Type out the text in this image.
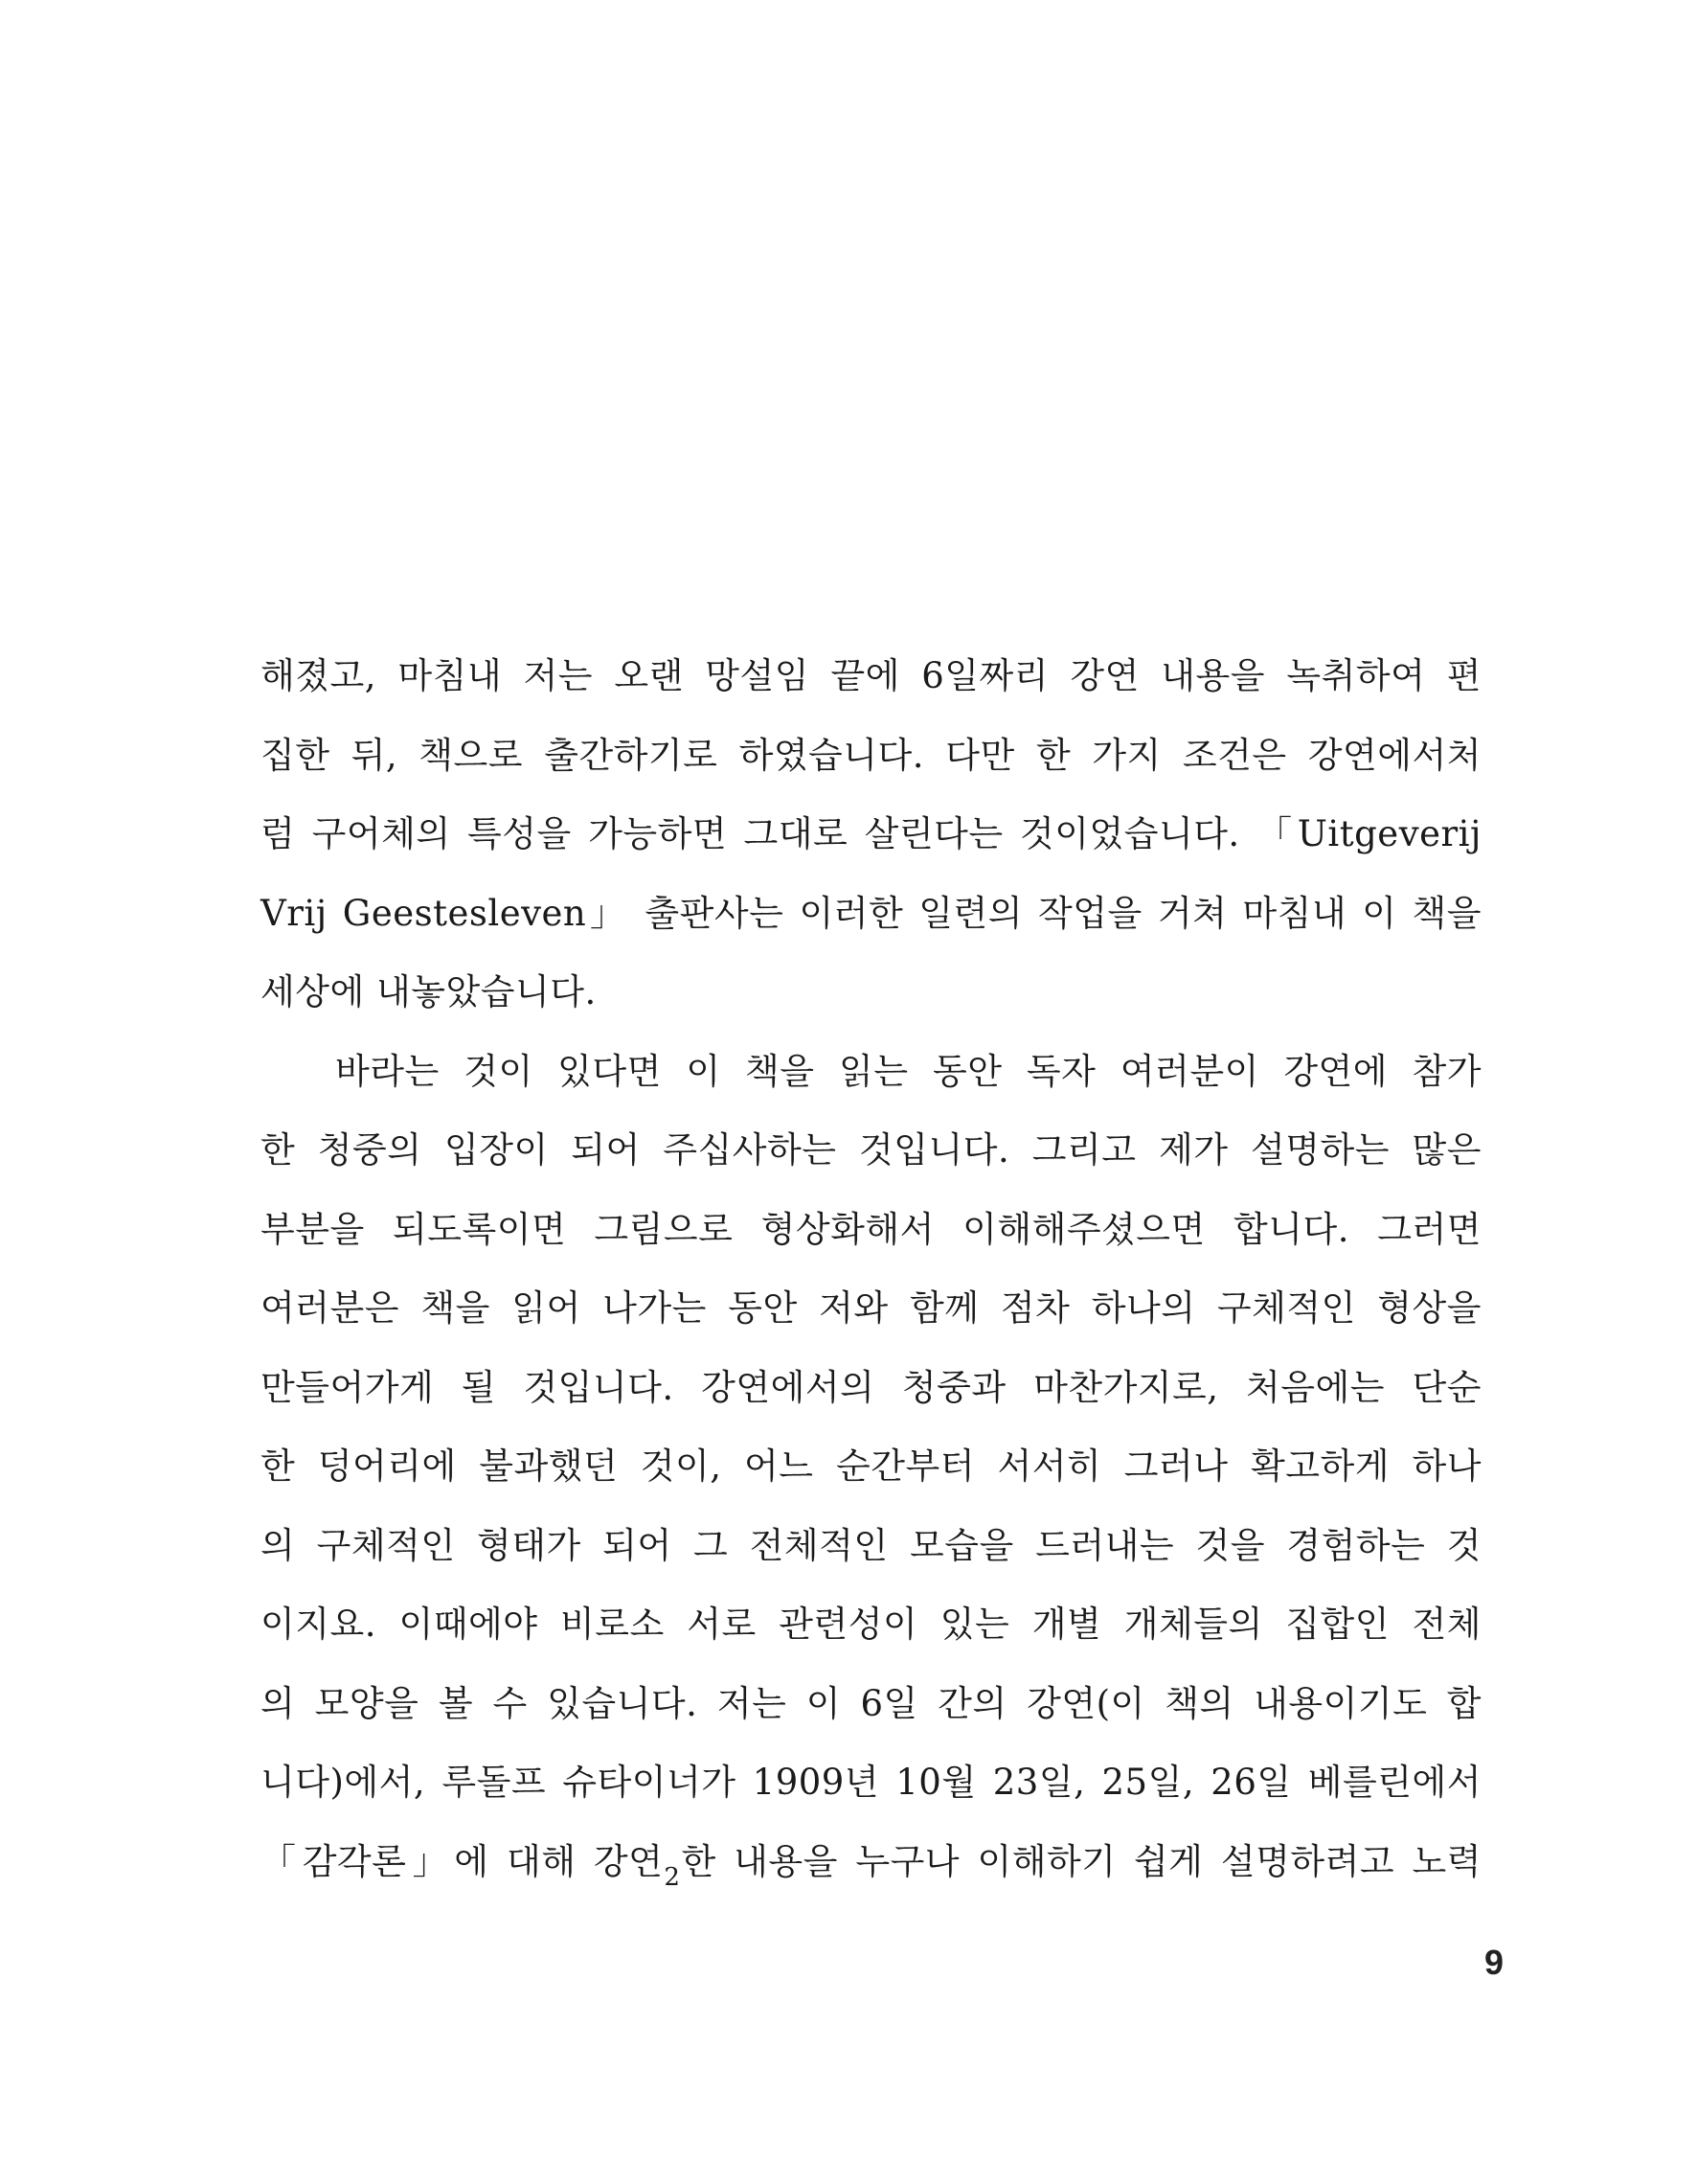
해졌고, 마침내 저는 오랜 망설임 끝에 6일짜리 강연 내용을 녹취하여 편
집한 뒤, 책으로 출간하기로 하였습니다. 다만 한 가지 조건은 강연에서처
럼 구어체의 특성을 가능하면 그대로 살린다는 것이었습니다. 「Uitgeverij
Vrij Geestesleven」 출판사는 이러한 일련의 작업을 거쳐 마침내 이 책을
세상에 내놓았습니다.
바라는 것이 있다면 이 책을 읽는 동안 독자 여러분이 강연에 참가
한 청중의 입장이 되어 주십사하는 것입니다. 그리고 제가 설명하는 많은
부분을 되도록이면 그림으로 형상화해서 이해해주셨으면 합니다. 그러면
여러분은 책을 읽어 나가는 동안 저와 함께 점차 하나의 구체적인 형상을
만들어가게 될 것입니다. 강연에서의 청중과 마찬가지로, 처음에는 단순
한 덩어리에 불과했던 것이, 어느 순간부터 서서히 그러나 확고하게 하나
의 구체적인 형태가 되어 그 전체적인 모습을 드러내는 것을 경험하는 것
이지요. 이때에야 비로소 서로 관련성이 있는 개별 개체들의 집합인 전체
의 모양을 볼 수 있습니다. 저는 이 6일 간의 강연(이 책의 내용이기도 합
니다)에서, 루돌프 슈타이너가 1909년 10월 23일, 25일, 26일 베를린에서
「감각론」에 대해 강연$_2$한 내용을 누구나 이해하기 쉽게 설명하려고 노력
9
